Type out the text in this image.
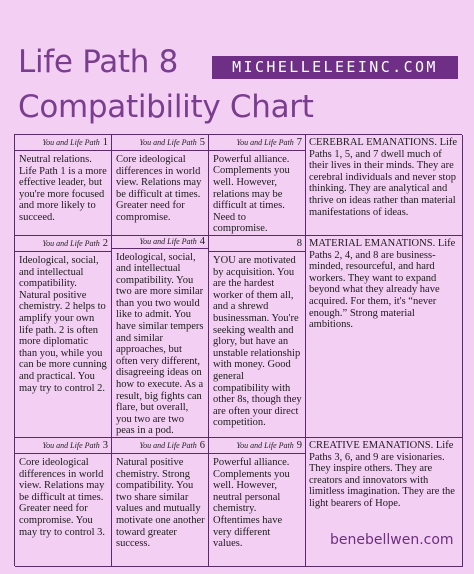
Life Path 8
Compatibility Chart
MICHELLELEEINC.COM
You and Life Path 1
Neutral relations. Life Path 1 is a more effective leader, but you're more focused and more likely to succeed.
You and Life Path 5
Core ideological differences in world view. Relations may be difficult at times. Greater need for compromise.
You and Life Path 7
Powerful alliance. Complements you well. However, relations may be difficult at times. Need to compromise.
CEREBRAL EMANATIONS. Life Paths 1, 5, and 7 dwell much of their lives in their minds. They are cerebral individuals and never stop thinking. They are analytical and thrive on ideas rather than material manifestations of ideas.
You and Life Path 2
Ideological, social, and intellectual compatibility. Natural positive chemistry. 2 helps to amplify your own life path. 2 is often more diplomatic than you, while you can be more cunning and practical. You may try to control 2.
You and Life Path 4
Ideological, social, and intellectual compatibility. You two are more similar than you two would like to admit. You have similar tempers and similar approaches, but often very different, disagreeing ideas on how to execute. As a result, big fights can flare, but overall, you two are two peas in a pod.
8
YOU are motivated by acquisition. You are the hardest worker of them all, and a shrewd businessman. You're seeking wealth and glory, but have an unstable relationship with money. Good general compatibility with other 8s, though they are often your direct competition.
MATERIAL EMANATIONS. Life Paths 2, 4, and 8 are business-minded, resourceful, and hard workers. They want to expand beyond what they already have acquired. For them, it's “never enough.” Strong material ambitions.
You and Life Path 3
Core ideological differences in world view. Relations may be difficult at times. Greater need for compromise. You may try to control 3.
You and Life Path 6
Natural positive chemistry. Strong compatibility. You two share similar values and mutually motivate one another toward greater success.
You and Life Path 9
Powerful alliance. Complements you well. However, neutral personal chemistry. Oftentimes have very different values.
CREATIVE EMANATIONS. Life Paths 3, 6, and 9 are visionaries. They inspire others. They are creators and innovators with limitless imagination. They are the light bearers of Hope.
benebellwen.com
